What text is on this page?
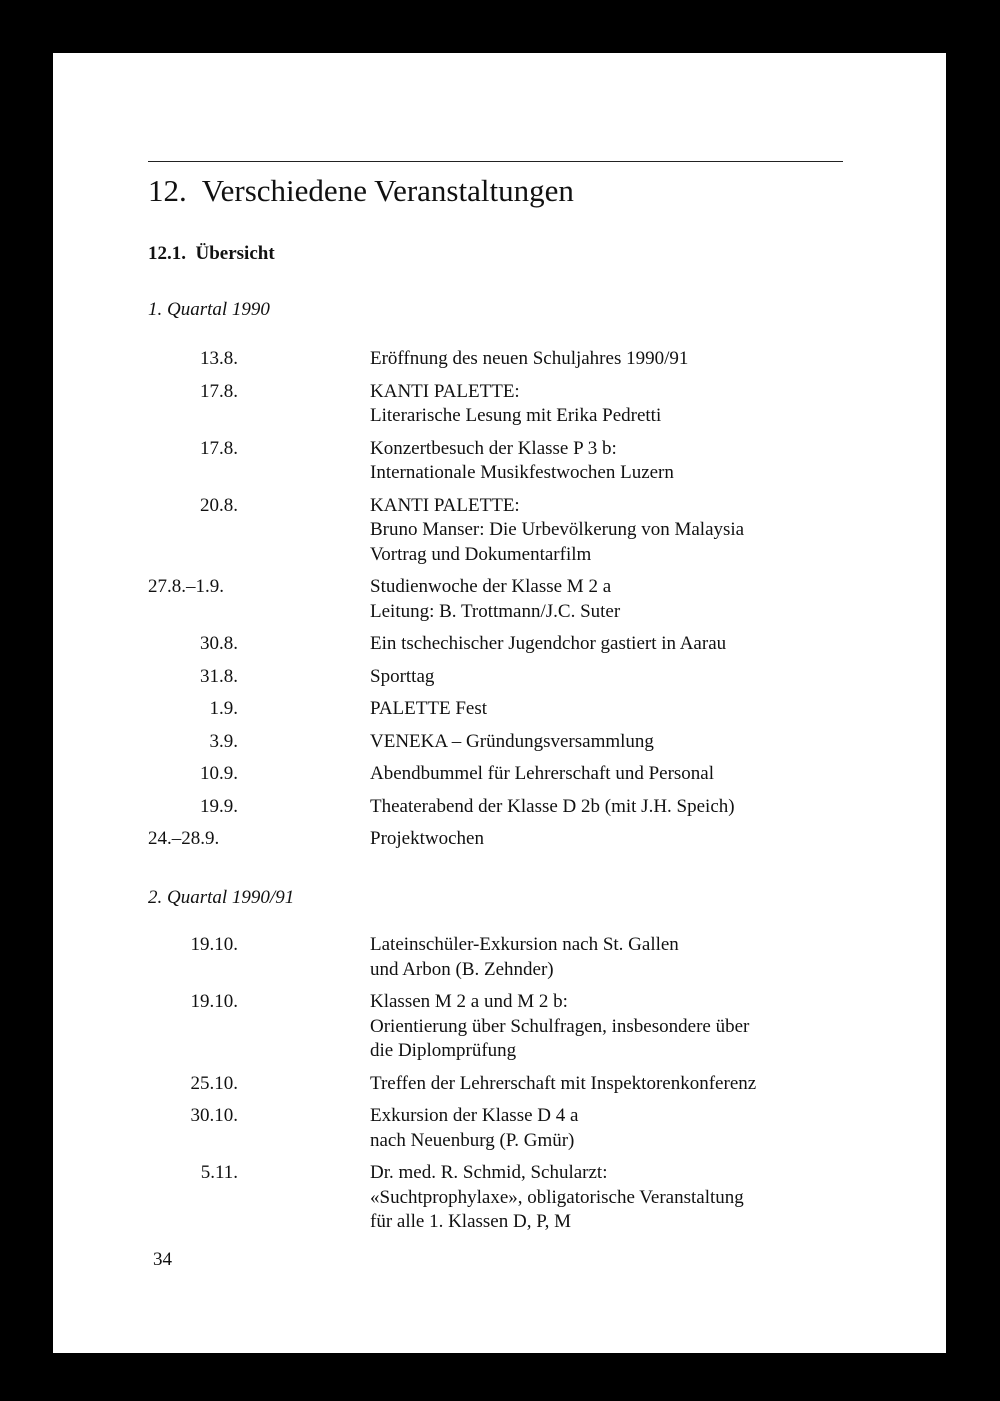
12. Verschiedene Veranstaltungen
12.1. Übersicht
1. Quartal 1990
13.8.	Eröffnung des neuen Schuljahres 1990/91
17.8.	KANTI PALETTE:
Literarische Lesung mit Erika Pedretti
17.8.	Konzertbesuch der Klasse P 3 b:
Internationale Musikfestwochen Luzern
20.8.	KANTI PALETTE:
Bruno Manser: Die Urbevölkerung von Malaysia
Vortrag und Dokumentarfilm
27.8.–1.9.	Studienwoche der Klasse M 2 a
Leitung: B. Trottmann/J.C. Suter
30.8.	Ein tschechischer Jugendchor gastiert in Aarau
31.8.	Sporttag
1.9.	PALETTE Fest
3.9.	VENEKA – Gründungsversammlung
10.9.	Abendbummel für Lehrerschaft und Personal
19.9.	Theaterabend der Klasse D 2b (mit J.H. Speich)
24.–28.9.	Projektwochen
2. Quartal 1990/91
19.10.	Lateinschüler-Exkursion nach St. Gallen
und Arbon (B. Zehnder)
19.10.	Klassen M 2 a und M 2 b:
Orientierung über Schulfragen, insbesondere über
die Diplomprüfung
25.10.	Treffen der Lehrerschaft mit Inspektorenkonferenz
30.10.	Exkursion der Klasse D 4 a
nach Neuenburg (P. Gmür)
5.11.	Dr. med. R. Schmid, Schularzt:
«Suchtprophylaxe», obligatorische Veranstaltung
für alle 1. Klassen D, P, M
34
